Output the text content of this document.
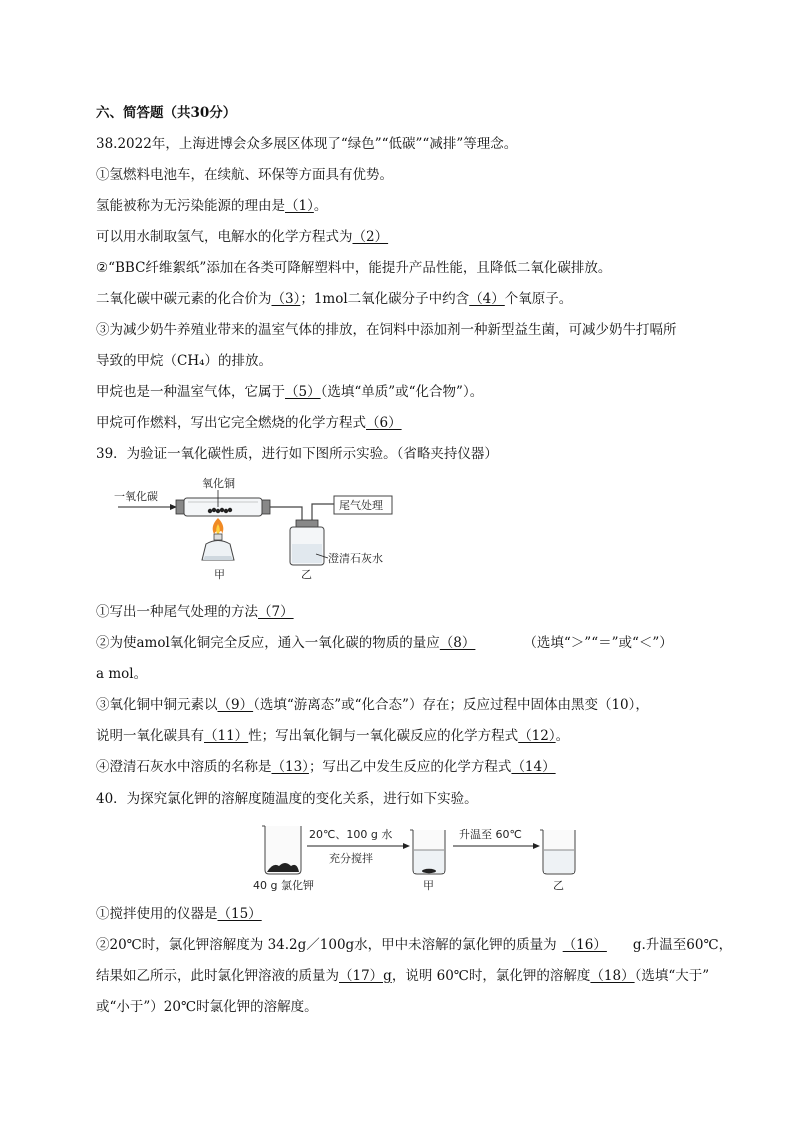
六、简答题（共30分）
38.2022年，上海进博会众多展区体现了“绿色”“低碳”“减排”等理念。
①氢燃料电池车，在续航、环保等方面具有优势。
氢能被称为无污染能源的理由是（1）。
可以用水制取氢气，电解水的化学方程式为（2）
②“BBC纤维絮纸”添加在各类可降解塑料中，能提升产品性能，且降低二氧化碳排放。
二氧化碳中碳元素的化合价为（3）；1mol二氧化碳分子中约含（4）个氧原子。
③为减少奶牛养殖业带来的温室气体的排放，在饲料中添加剂一种新型益生菌，可减少奶牛打嗝所
导致的甲烷（CH₄）的排放。
甲烷也是一种温室气体，它属于（5）（选填“单质”或“化合物”）。
甲烷可作燃料，写出它完全燃烧的化学方程式（6）
39．为验证一氧化碳性质，进行如下图所示实验。（省略夹持仪器）
一氧化碳
氧化铜
甲
尾气处理
澄清石灰水
乙
①写出一种尾气处理的方法（7）
②为使amol氧化铜完全反应，通入一氧化碳的物质的量应（8）	（选填“＞”“＝”或“＜”）
a mol。
③氧化铜中铜元素以（9）（选填“游离态”或“化合态”）存在；反应过程中固体由黑变（10），
说明一氧化碳具有（11）性；写出氧化铜与一氧化碳反应的化学方程式（12）。
④澄清石灰水中溶质的名称是（13）；写出乙中发生反应的化学方程式（14）
40．为探究氯化钾的溶解度随温度的变化关系，进行如下实验。
40 g 氯化钾
20℃、100 g 水
充分搅拌
甲
升温至 60℃
乙
①搅拌使用的仪器是（15）
②20℃时，氯化钾溶解度为 34.2g／100g水，甲中未溶解的氯化钾的质量为 （16） g.升温至60℃，
结果如乙所示，此时氯化钾溶液的质量为（17）g，说明 60℃时，氯化钾的溶解度（18）（选填“大于”
或“小于”）20℃时氯化钾的溶解度。
